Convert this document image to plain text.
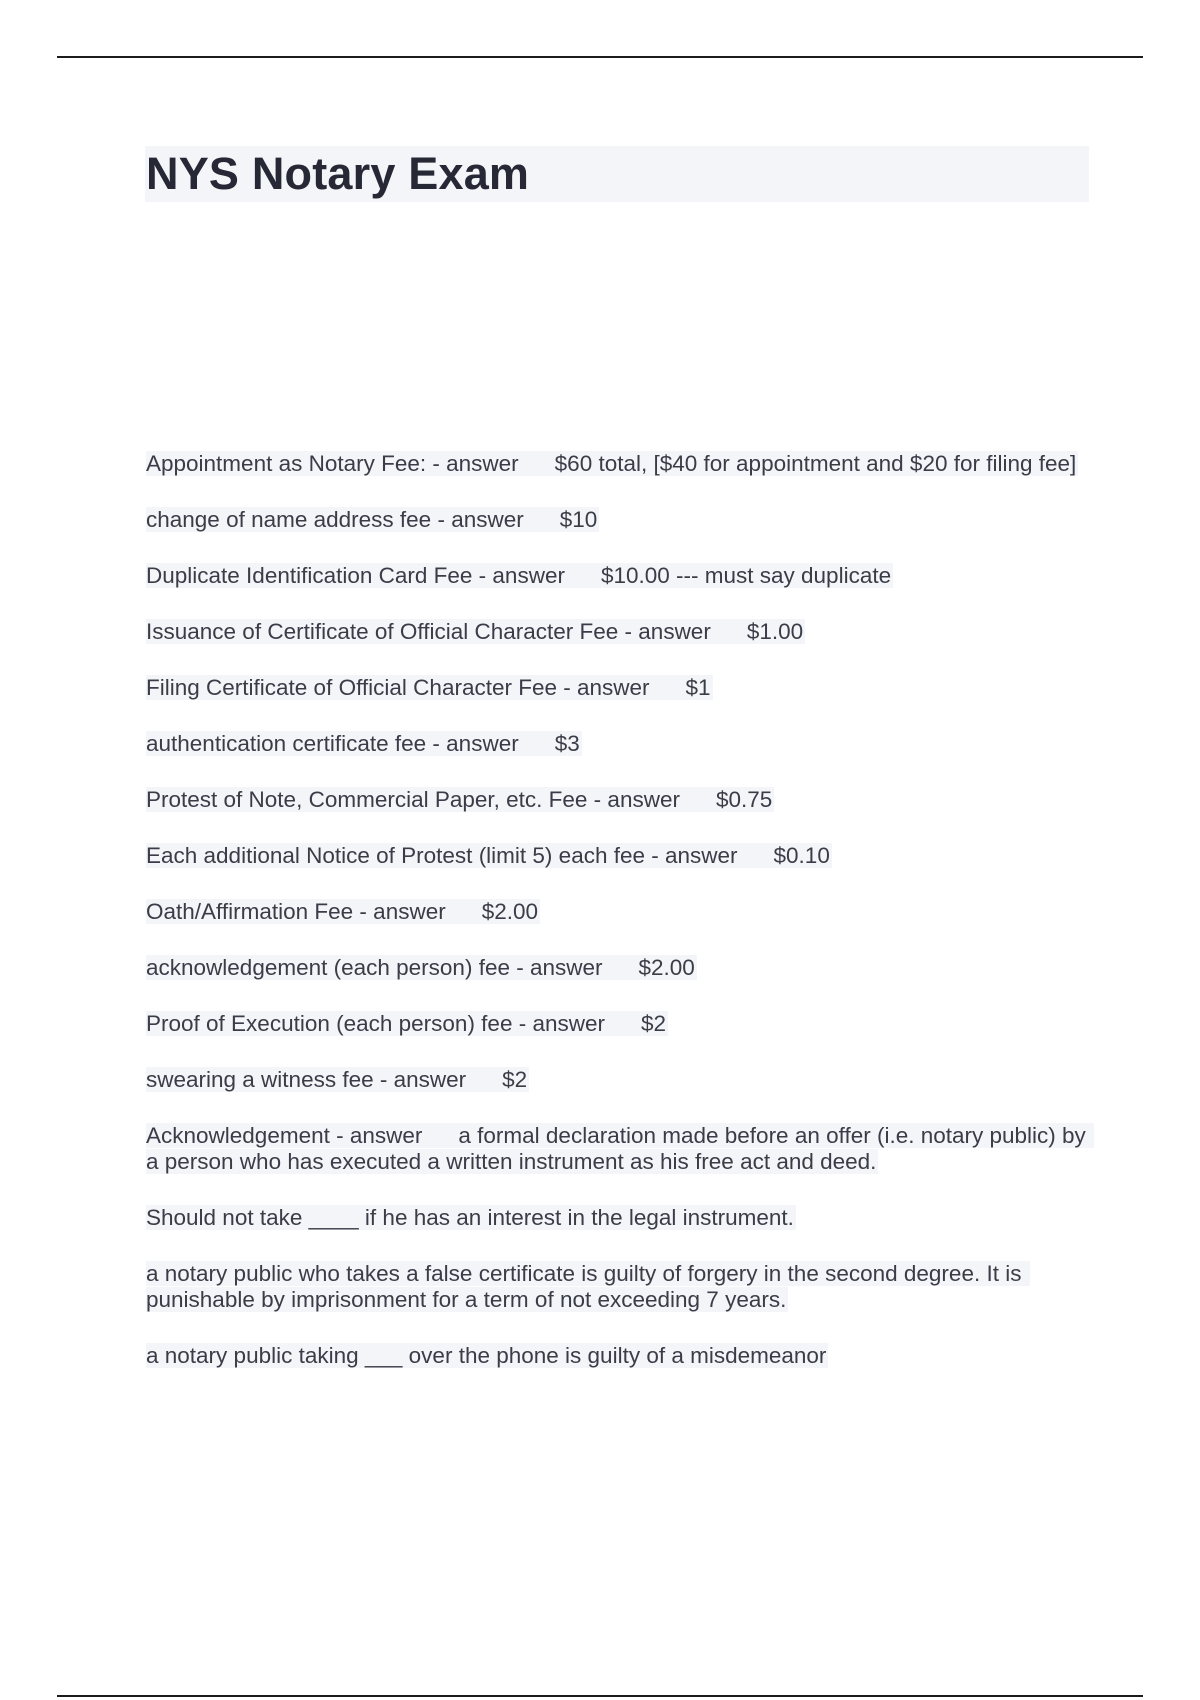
NYS Notary Exam
Appointment as Notary Fee: - answer $60 total, [$40 for appointment and $20 for filing fee]
change of name address fee - answer $10
Duplicate Identification Card Fee - answer $10.00 --- must say duplicate
Issuance of Certificate of Official Character Fee - answer $1.00
Filing Certificate of Official Character Fee - answer $1
authentication certificate fee - answer $3
Protest of Note, Commercial Paper, etc. Fee - answer $0.75
Each additional Notice of Protest (limit 5) each fee - answer $0.10
Oath/Affirmation Fee - answer $2.00
acknowledgement (each person) fee - answer $2.00
Proof of Execution (each person) fee - answer $2
swearing a witness fee - answer $2
Acknowledgement - answer a formal declaration made before an offer (i.e. notary public) by a person who has executed a written instrument as his free act and deed.
Should not take ____ if he has an interest in the legal instrument.
a notary public who takes a false certificate is guilty of forgery in the second degree. It is punishable by imprisonment for a term of not exceeding 7 years.
a notary public taking ___ over the phone is guilty of a misdemeanor
